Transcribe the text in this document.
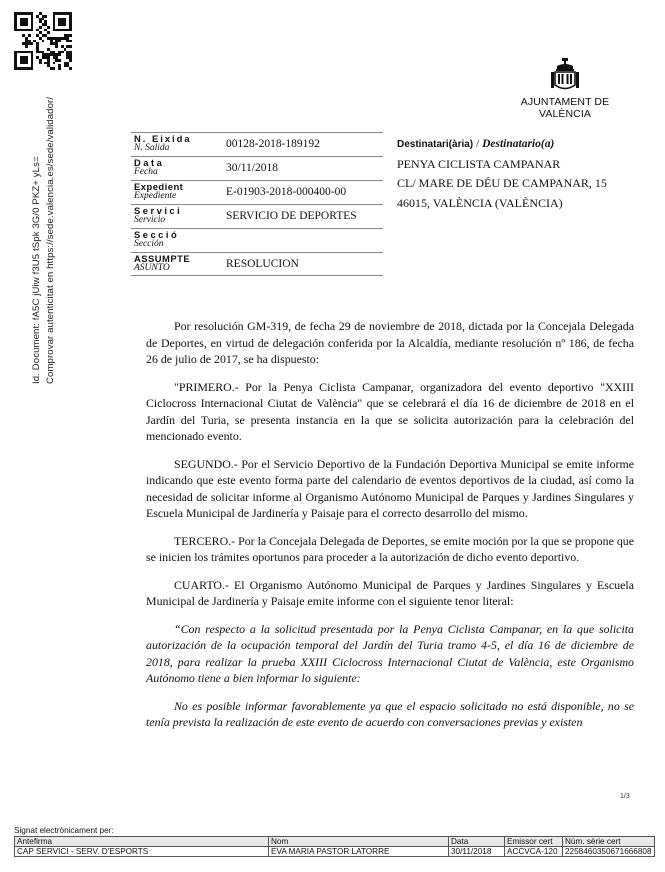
Id. Document: fA5C jUiw f3U5 tSpk 3G/0 PKZ+ yLs= Comprovar autenticitat en https://sede.valencia.es/sede/validador/	AJUNTAMENT DE VALÈNCIA
N. Eixida
N. Salida	00128-2018-189192
Data
Fecha	30/11/2018
Expedient
Expediente	E-01903-2018-000400-00
Servici
Servicio	SERVICIO DE DEPORTES
Secció
Sección
ASSUMPTE
ASUNTO	RESOLUCION
Destinatari(ària) / Destinatario(a)
PENYA CICLISTA CAMPANAR
CL/ MARE DE DÉU DE CAMPANAR, 15
46015, VALÈNCIA (VALÈNCIA)

Por resolución GM-319, de fecha 29 de noviembre de 2018, dictada por la Concejala Delegada de Deportes, en virtud de delegación conferida por la Alcaldía, mediante resolución nº 186, de fecha 26 de julio de 2017, se ha dispuesto:

"PRIMERO.- Por la Penya Ciclista Campanar, organizadora del evento deportivo "XXIII Ciclocross Internacional Ciutat de València" que se celebrará el día 16 de diciembre de 2018 en el Jardín del Turia, se presenta instancia en la que se solicita autorización para la celebración del mencionado evento.

SEGUNDO.- Por el Servicio Deportivo de la Fundación Deportiva Municipal se emite informe indicando que este evento forma parte del calendario de eventos deportivos de la ciudad, así como la necesidad de solicitar informe al Organismo Autónomo Municipal de Parques y Jardines Singulares y Escuela Municipal de Jardinería y Paisaje para el correcto desarrollo del mismo.

TERCERO.- Por la Concejala Delegada de Deportes, se emite moción por la que se propone que se inicien los trámites oportunos para proceder a la autorización de dicho evento deportivo.

CUARTO.- El Organismo Autónomo Municipal de Parques y Jardines Singulares y Escuela Municipal de Jardinería y Paisaje emite informe con el siguiente tenor literal:

“Con respecto a la solicitud presentada por la Penya Ciclista Campanar, en la que solicita autorización de la ocupación temporal del Jardín del Turia tramo 4-5, el día 16 de diciembre de 2018, para realizar la prueba XXIII Ciclocross Internacional Ciutat de València, este Organismo Autónomo tiene a bien informar lo siguiente:

No es posible informar favorablemente ya que el espacio solicitado no está disponible, no se tenía prevista la realización de este evento de acuerdo con conversaciones previas y existen

1/3
Signat electrònicament per:
Antefirma	Nom	Data	Emissor cert	Núm. sèrie cert
CAP SERVICI - SERV. D'ESPORTS	EVA MARIA PASTOR LATORRE	30/11/2018	ACCVCA-120	2258460350671666808
